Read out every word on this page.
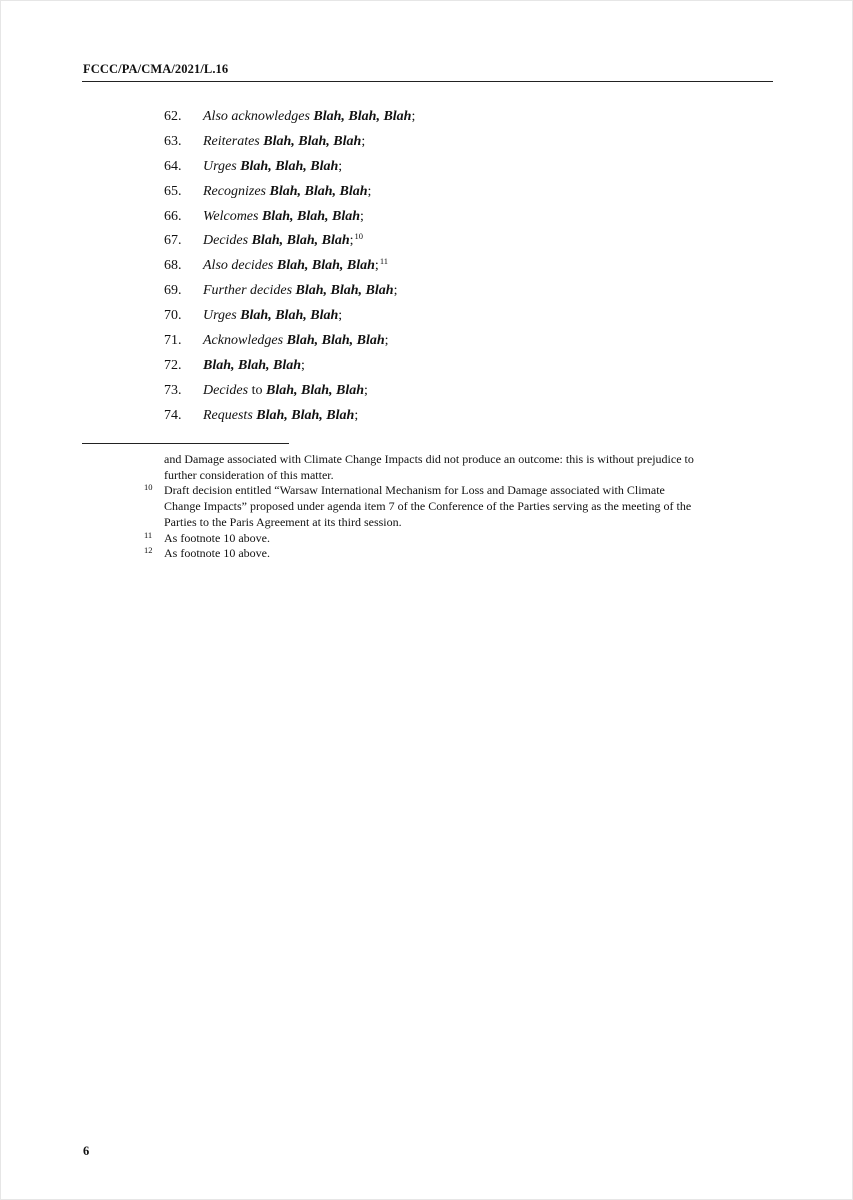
FCCC/PA/CMA/2021/L.16
62. Also acknowledges Blah, Blah, Blah;
63. Reiterates Blah, Blah, Blah;
64. Urges Blah, Blah, Blah;
65. Recognizes Blah, Blah, Blah;
66. Welcomes Blah, Blah, Blah;
67. Decides Blah, Blah, Blah;$^{10}$
68. Also decides Blah, Blah, Blah;$^{11}$
69. Further decides Blah, Blah, Blah;
70. Urges Blah, Blah, Blah;
71. Acknowledges Blah, Blah, Blah;
72. Blah, Blah, Blah;
73. Decides to Blah, Blah, Blah;
74. Requests Blah, Blah, Blah;
and Damage associated with Climate Change Impacts did not produce an outcome: this is without prejudice to further consideration of this matter.
10 Draft decision entitled “Warsaw International Mechanism for Loss and Damage associated with Climate Change Impacts” proposed under agenda item 7 of the Conference of the Parties serving as the meeting of the Parties to the Paris Agreement at its third session.
11 As footnote 10 above.
12 As footnote 10 above.
6
